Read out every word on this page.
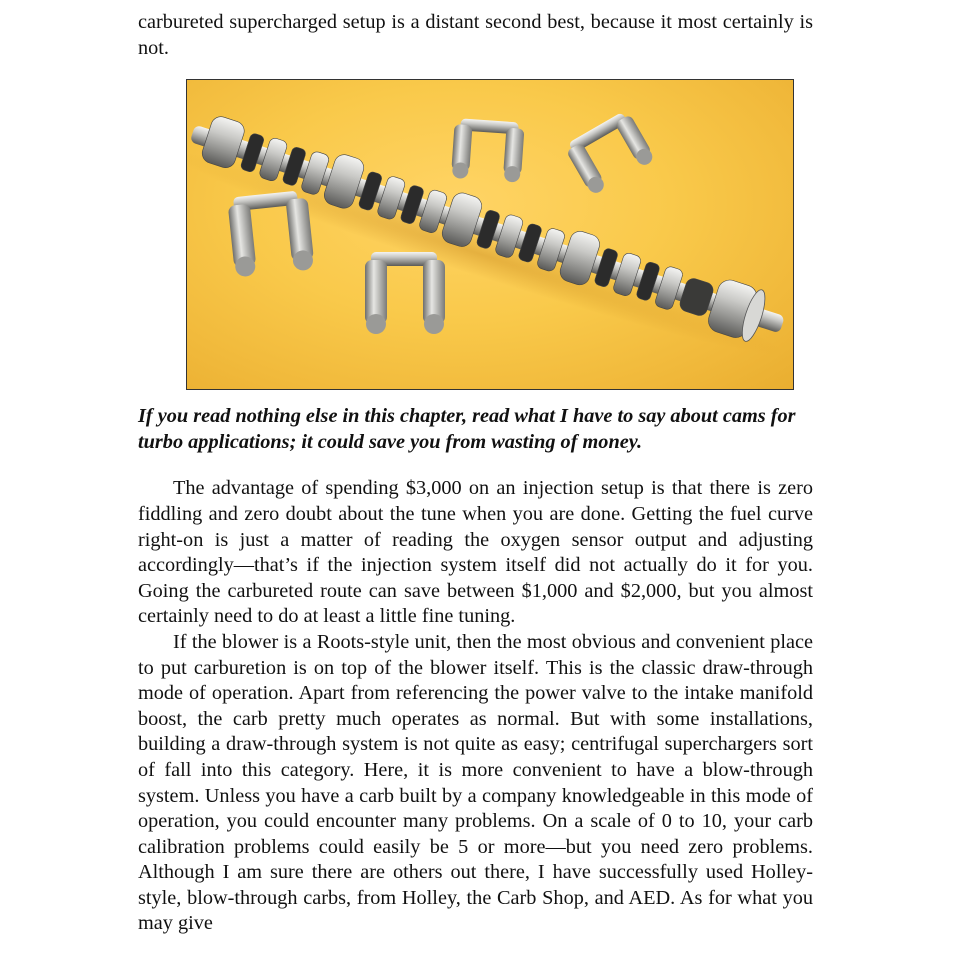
carbureted supercharged setup is a distant second best, because it most certainly is not.

If you read nothing else in this chapter, read what I have to say about cams for turbo applications; it could save you from wasting of money.

The advantage of spending $3,000 on an injection setup is that there is zero fiddling and zero doubt about the tune when you are done. Getting the fuel curve right-on is just a matter of reading the oxygen sensor output and adjusting accordingly—that’s if the injection system itself did not actually do it for you. Going the carbureted route can save between $1,000 and $2,000, but you almost certainly need to do at least a little fine tuning.

If the blower is a Roots-style unit, then the most obvious and convenient place to put carburetion is on top of the blower itself. This is the classic draw-through mode of operation. Apart from referencing the power valve to the intake manifold boost, the carb pretty much operates as normal. But with some installations, building a draw-through system is not quite as easy; centrifugal superchargers sort of fall into this category. Here, it is more convenient to have a blow-through system. Unless you have a carb built by a company knowledgeable in this mode of operation, you could encounter many problems. On a scale of 0 to 10, your carb calibration problems could easily be 5 or more—but you need zero problems. Although I am sure there are others out there, I have successfully used Holley-style, blow-through carbs, from Holley, the Carb Shop, and AED. As for what you may give
